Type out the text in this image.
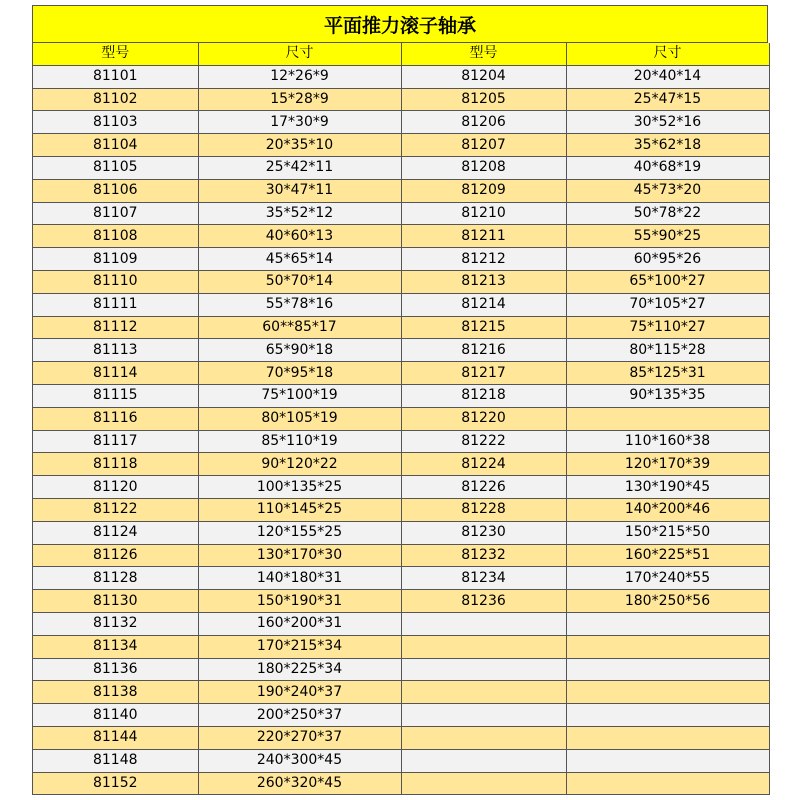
平面推力滚子轴承
型号	尺寸	型号	尺寸
81101	12*26*9	81204	20*40*14
81102	15*28*9	81205	25*47*15
81103	17*30*9	81206	30*52*16
81104	20*35*10	81207	35*62*18
81105	25*42*11	81208	40*68*19
81106	30*47*11	81209	45*73*20
81107	35*52*12	81210	50*78*22
81108	40*60*13	81211	55*90*25
81109	45*65*14	81212	60*95*26
81110	50*70*14	81213	65*100*27
81111	55*78*16	81214	70*105*27
81112	60**85*17	81215	75*110*27
81113	65*90*18	81216	80*115*28
81114	70*95*18	81217	85*125*31
81115	75*100*19	81218	90*135*35
81116	80*105*19	81220	
81117	85*110*19	81222	110*160*38
81118	90*120*22	81224	120*170*39
81120	100*135*25	81226	130*190*45
81122	110*145*25	81228	140*200*46
81124	120*155*25	81230	150*215*50
81126	130*170*30	81232	160*225*51
81128	140*180*31	81234	170*240*55
81130	150*190*31	81236	180*250*56
81132	160*200*31		
81134	170*215*34		
81136	180*225*34		
81138	190*240*37		
81140	200*250*37		
81144	220*270*37		
81148	240*300*45		
81152	260*320*45		
